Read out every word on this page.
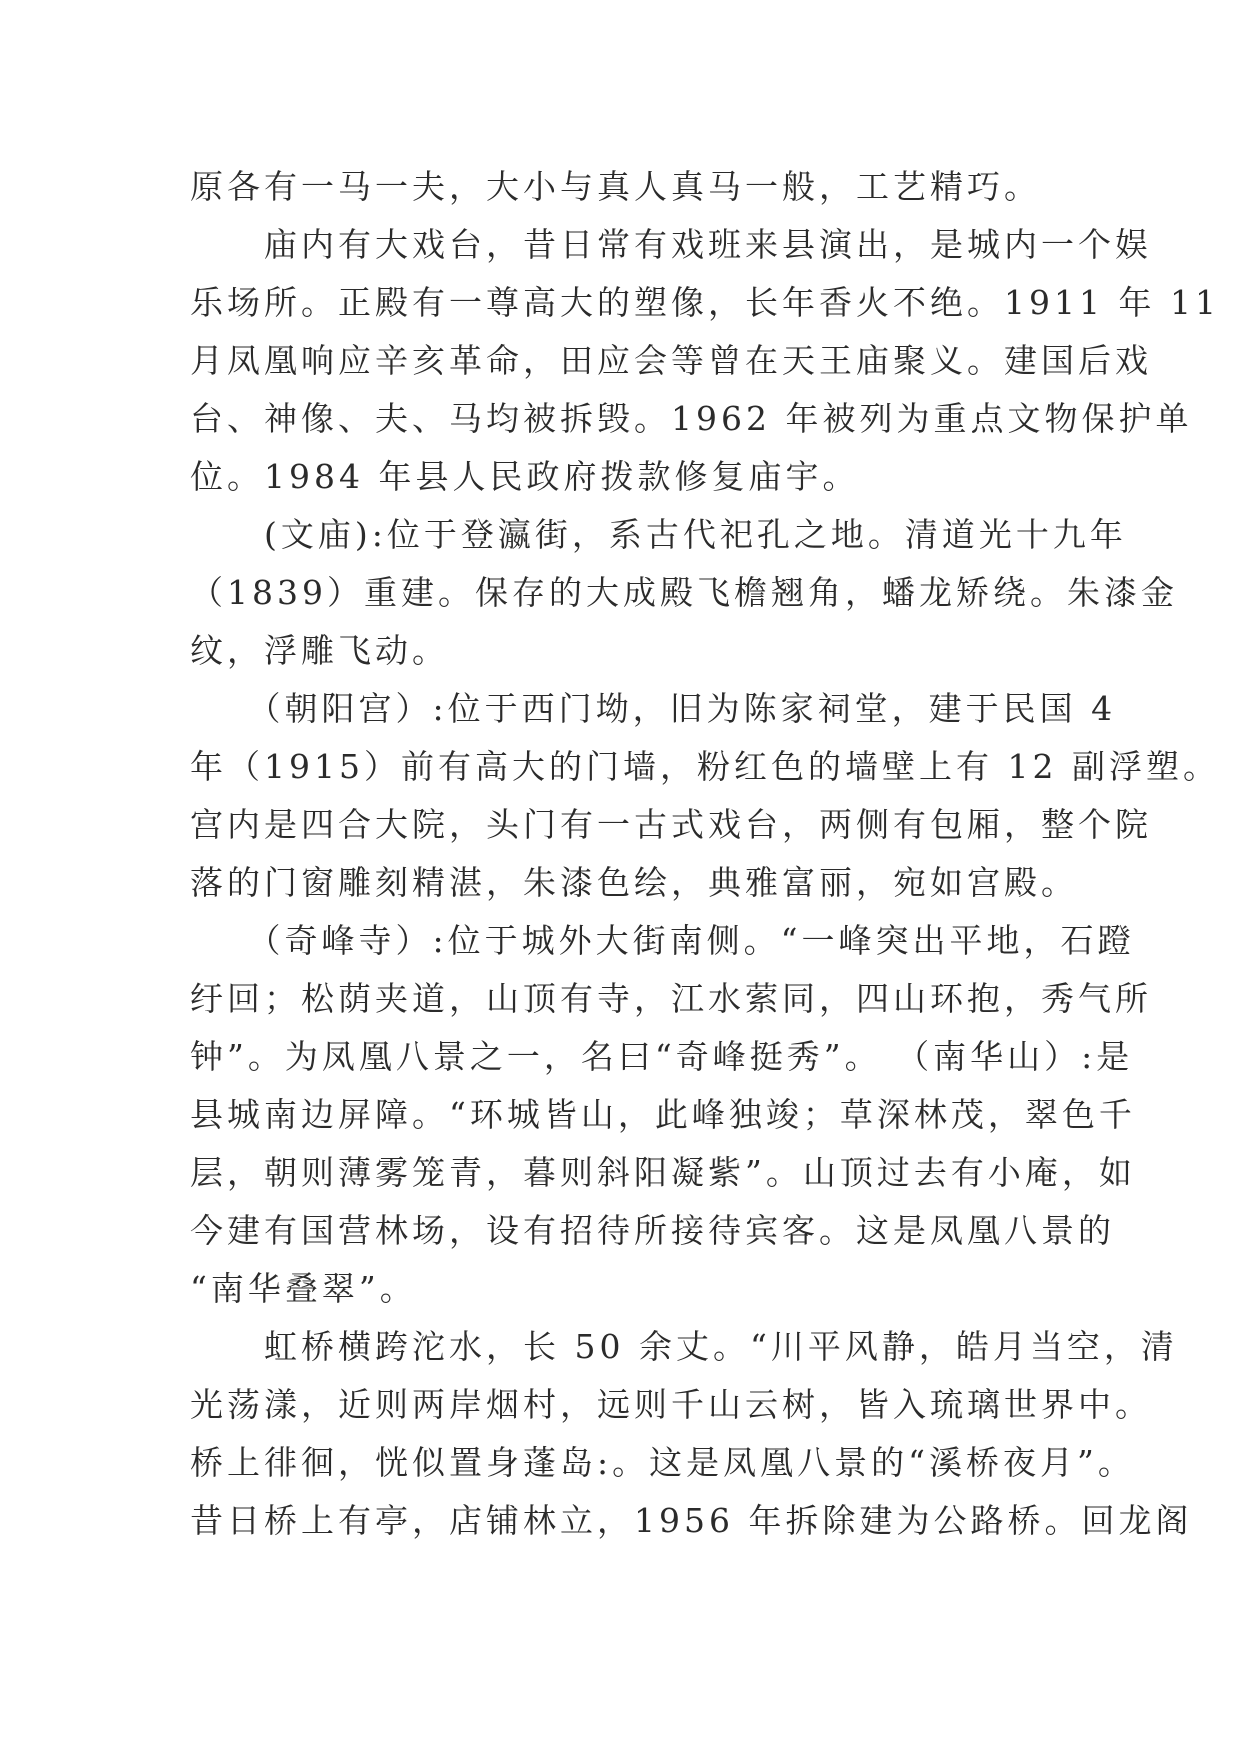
原各有一马一夫，大小与真人真马一般，工艺精巧。
　　庙内有大戏台，昔日常有戏班来县演出，是城内一个娱
乐场所。正殿有一尊高大的塑像，长年香火不绝。1911 年 11
月凤凰响应辛亥革命，田应会等曾在天王庙聚义。建国后戏
台、神像、夫、马均被拆毁。1962 年被列为重点文物保护单
位。1984 年县人民政府拨款修复庙宇。
　　(文庙):位于登瀛街，系古代祀孔之地。清道光十九年
（1839）重建。保存的大成殿飞檐翘角，蟠龙矫绕。朱漆金
纹，浮雕飞动。
　　（朝阳宫）:位于西门坳，旧为陈家祠堂，建于民国 4
年（1915）前有高大的门墙，粉红色的墙壁上有 12 副浮塑。
宫内是四合大院，头门有一古式戏台，两侧有包厢，整个院
落的门窗雕刻精湛，朱漆色绘，典雅富丽，宛如宫殿。
　　（奇峰寺）:位于城外大街南侧。“一峰突出平地，石蹬
纡回；松荫夹道，山顶有寺，江水萦同，四山环抱，秀气所
钟”。为凤凰八景之一，名曰“奇峰挺秀”。 （南华山）:是
县城南边屏障。“环城皆山，此峰独竣；草深林茂，翠色千
层，朝则薄雾笼青，暮则斜阳凝紫”。山顶过去有小庵，如
今建有国营林场，设有招待所接待宾客。这是凤凰八景的
“南华叠翠”。
　　虹桥横跨沱水，长 50 余丈。“川平风静，皓月当空，清
光荡漾，近则两岸烟村，远则千山云树，皆入琉璃世界中。
桥上徘徊，恍似置身蓬岛:。这是凤凰八景的“溪桥夜月”。
昔日桥上有亭，店铺林立，1956 年拆除建为公路桥。回龙阁
